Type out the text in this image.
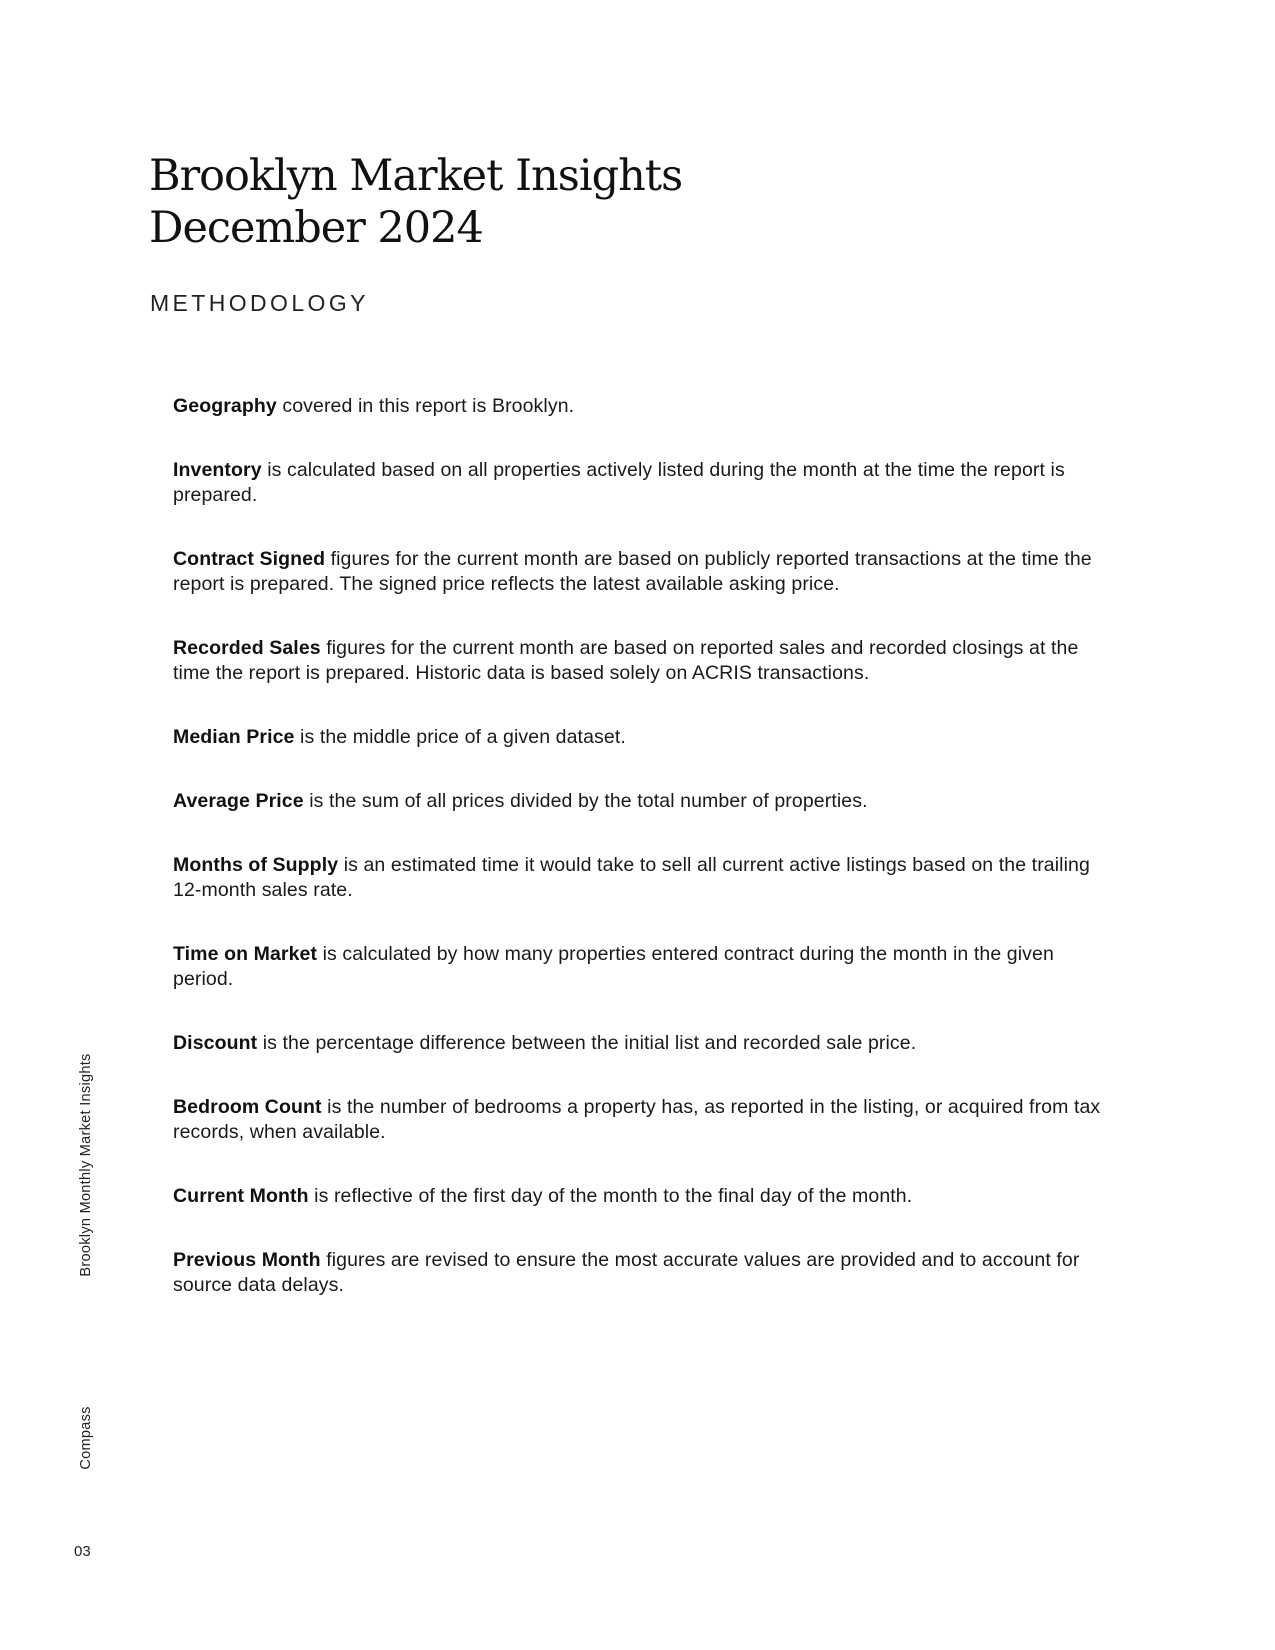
Brooklyn Market Insights
December 2024
METHODOLOGY
Geography covered in this report is Brooklyn.
Inventory is calculated based on all properties actively listed during the month at the time the report is prepared.
Contract Signed figures for the current month are based on publicly reported transactions at the time the report is prepared. The signed price reflects the latest available asking price.
Recorded Sales figures for the current month are based on reported sales and recorded closings at the time the report is prepared. Historic data is based solely on ACRIS transactions.
Median Price is the middle price of a given dataset.
Average Price is the sum of all prices divided by the total number of properties.
Months of Supply is an estimated time it would take to sell all current active listings based on the trailing 12-month sales rate.
Time on Market is calculated by how many properties entered contract during the month in the given period.
Discount is the percentage difference between the initial list and recorded sale price.
Bedroom Count is the number of bedrooms a property has, as reported in the listing, or acquired from tax records, when available.
Current Month is reflective of the first day of the month to the final day of the month.
Previous Month figures are revised to ensure the most accurate values are provided and to account for source data delays.
Brooklyn Monthly Market Insights
Compass
03
